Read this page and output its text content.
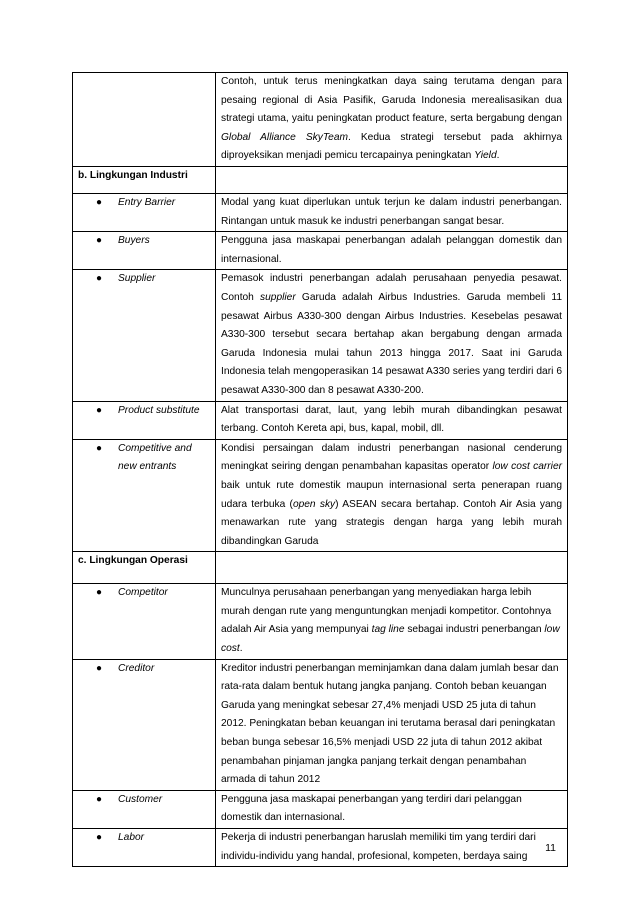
	Contoh, untuk terus meningkatkan daya saing terutama dengan para pesaing regional di Asia Pasifik, Garuda Indonesia merealisasikan dua strategi utama, yaitu peningkatan product feature, serta bergabung dengan Global Alliance SkyTeam. Kedua strategi tersebut pada akhirnya diproyeksikan menjadi pemicu tercapainya peningkatan Yield.
b. Lingkungan Industri	

● Entry Barrier	Modal yang kuat diperlukan untuk terjun ke dalam industri penerbangan. Rintangan untuk masuk ke industri penerbangan sangat besar.

● Buyers	Pengguna jasa maskapai penerbangan adalah pelanggan domestik dan internasional.

● Supplier	Pemasok industri penerbangan adalah perusahaan penyedia pesawat. Contoh supplier Garuda adalah Airbus Industries. Garuda membeli 11 pesawat Airbus A330-300 dengan Airbus Industries. Kesebelas pesawat A330-300 tersebut secara bertahap akan bergabung dengan armada Garuda Indonesia mulai tahun 2013 hingga 2017. Saat ini Garuda Indonesia telah mengoperasikan 14 pesawat A330 series yang terdiri dari 6 pesawat A330-300 dan 8 pesawat A330-200.

● Product substitute	Alat transportasi darat, laut, yang lebih murah dibandingkan pesawat terbang. Contoh Kereta api, bus, kapal, mobil, dll.

● Competitive and new entrants	Kondisi persaingan dalam industri penerbangan nasional cenderung meningkat seiring dengan penambahan kapasitas operator low cost carrier baik untuk rute domestik maupun internasional serta penerapan ruang udara terbuka (open sky) ASEAN secara bertahap. Contoh Air Asia yang menawarkan rute yang strategis dengan harga yang lebih murah dibandingkan Garuda
c. Lingkungan Operasi	

● Competitor	Munculnya perusahaan penerbangan yang menyediakan harga lebih murah dengan rute yang menguntungkan menjadi kompetitor. Contohnya adalah Air Asia yang mempunyai tag line sebagai industri penerbangan low cost.

● Creditor	Kreditor industri penerbangan meminjamkan dana dalam jumlah besar dan rata-rata dalam bentuk hutang jangka panjang. Contoh beban keuangan Garuda yang meningkat sebesar 27,4% menjadi USD 25 juta di tahun 2012. Peningkatan beban keuangan ini terutama berasal dari peningkatan beban bunga sebesar 16,5% menjadi USD 22 juta di tahun 2012 akibat penambahan pinjaman jangka panjang terkait dengan penambahan armada di tahun 2012

● Customer	Pengguna jasa maskapai penerbangan yang terdiri dari pelanggan domestik dan internasional.

● Labor	Pekerja di industri penerbangan haruslah memiliki tim yang terdiri dari individu-individu yang handal, profesional, kompeten, berdaya saing
11
